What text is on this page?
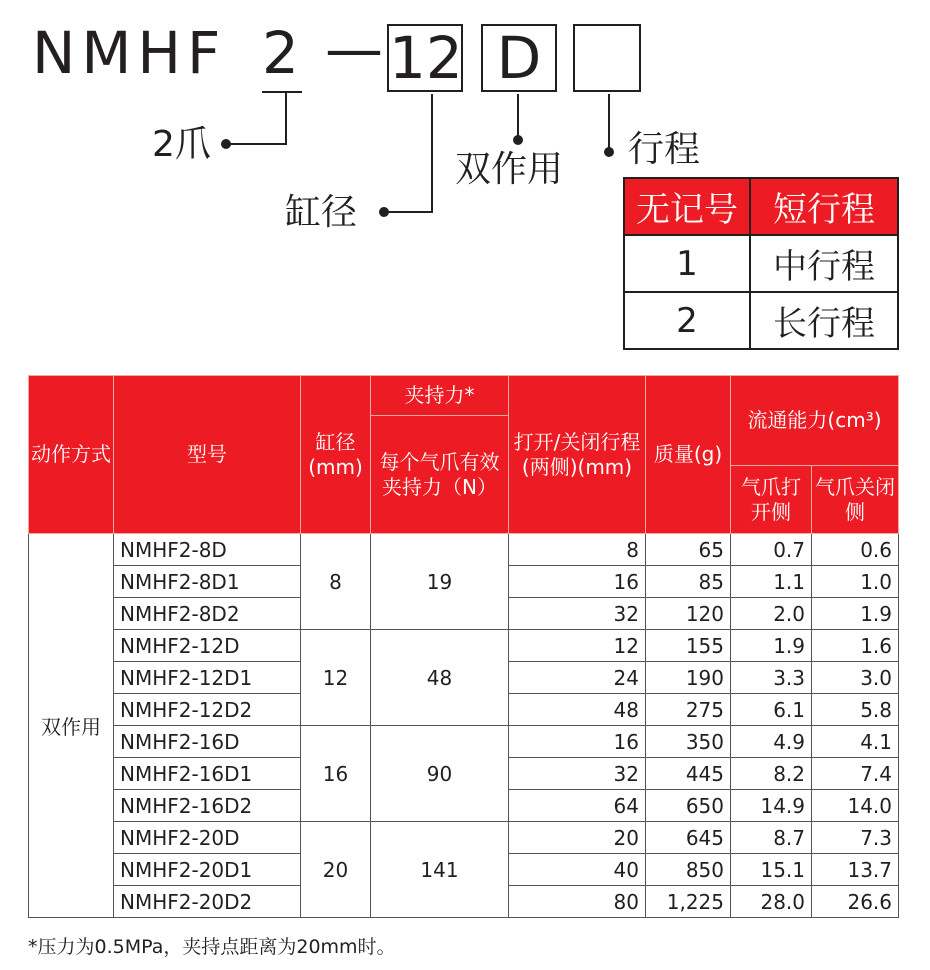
NMHF 2 — 12 D
2爪
缸径
双作用 行程
无记号	短行程
1	中行程
2	长行程
动作方式	型号	缸径(mm)	夹持力*	打开/关闭行程(两侧)(mm)	质量(g)	流通能力(cm³)	
			每个气爪有效夹持力（N）				
						气爪打开侧	气爪关闭侧
双作用	NMHF2-8D	8	19	8	65	0.7	0.6
	NMHF2-8D1			16	85	1.1	1.0
	NMHF2-8D2			32	120	2.0	1.9
	NMHF2-12D	12	48	12	155	1.9	1.6
	NMHF2-12D1			24	190	3.3	3.0
	NMHF2-12D2			48	275	6.1	5.8
	NMHF2-16D	16	90	16	350	4.9	4.1
	NMHF2-16D1			32	445	8.2	7.4
	NMHF2-16D2			64	650	14.9	14.0
	NMHF2-20D	20	141	20	645	8.7	7.3
	NMHF2-20D1			40	850	15.1	13.7
	NMHF2-20D2			80	1,225	28.0	26.6
*压力为0.5MPa，夹持点距离为20mm时。
